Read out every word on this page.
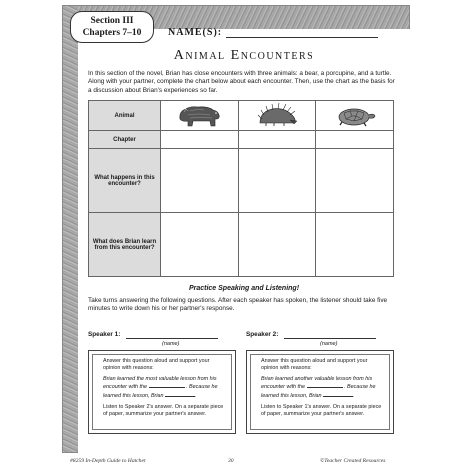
Section III
Chapters 7–10	NAME(S):
Animal Encounters
In this section of the novel, Brian has close encounters with three animals: a bear, a porcupine, and a turtle. Along with your partner, complete the chart below about each encounter. Then, use the chart as the basis for a discussion about Brian's experiences so far.
Animal	

Chapter			
What happens in this encounter?			
What does Brian learn from this encounter?			
Practice Speaking and Listening!
Take turns answering the following questions. After each speaker has spoken, the listener should take five minutes to write down his or her partner's response.
Speaker 1:
(name)

Answer this question aloud and support your opinion with reasons:

Brian learned the most valuable lesson from his encounter with the	. Because he learned this lesson, Brian	.

Listen to Speaker 2's answer. On a separate piece of paper, summarize your partner's answer.

Speaker 2:
(name)

Answer this question aloud and support your opinion with reasons:

Brian learned another valuable lesson from his encounter with the	. Because he learned this lesson, Brian	.

Listen to Speaker 1's answer. On a separate piece of paper, summarize your partner's answer.

#8259 In-Depth Guide to Hatchet	30	©Teacher Created Resources
